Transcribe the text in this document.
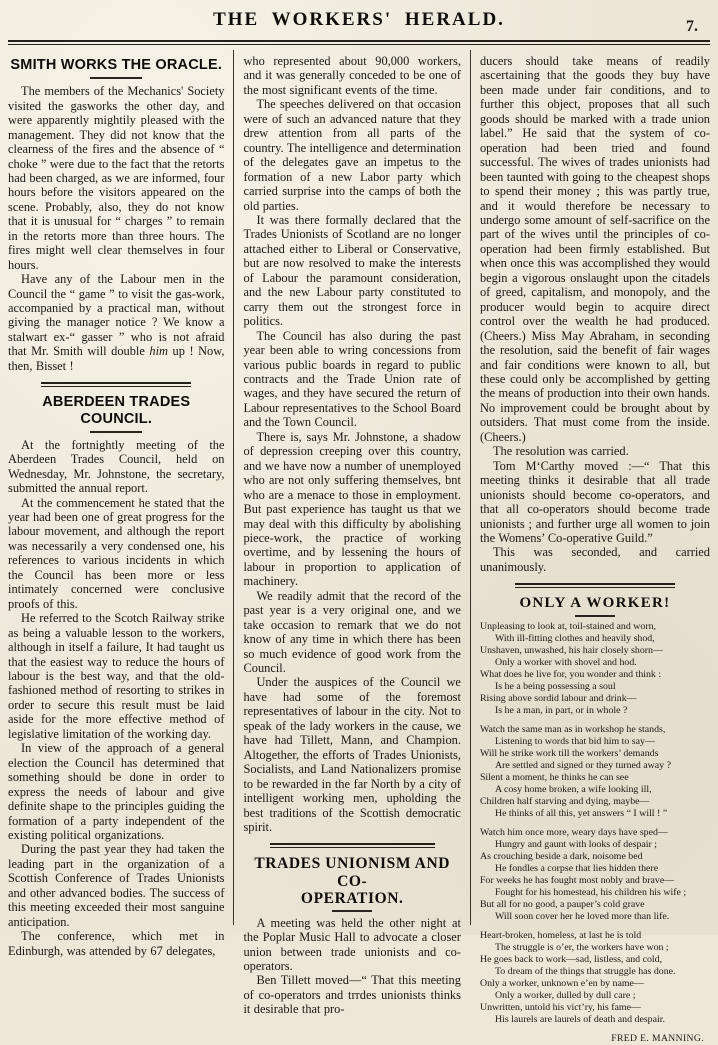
THE WORKERS' HERALD.	7.
SMITH WORKS THE ORACLE.

The members of the Mechanics' Society visited the gasworks the other day, and were apparently mightily pleased with the management. They did not know that the clearness of the fires and the absence of “ choke ” were due to the fact that the retorts had been charged, as we are informed, four hours before the visitors appeared on the scene. Probably, also, they do not know that it is unusual for “ charges ” to remain in the retorts more than three hours. The fires might well clear themselves in four hours.

Have any of the Labour men in the Council the “ game ” to visit the gas-work, accompanied by a practical man, without giving the manager notice ? We know a stalwart ex-“ gasser ” who is not afraid that Mr. Smith will double him up ! Now, then, Bisset !

ABERDEEN TRADES COUNCIL.

At the fortnightly meeting of the Aberdeen Trades Council, held on Wednesday, Mr. Johnstone, the secretary, submitted the annual report.

At the commencement he stated that the year had been one of great progress for the labour movement, and although the report was necessarily a very condensed one, his references to various incidents in which the Council has been more or less intimately concerned were conclusive proofs of this.

He referred to the Scotch Railway strike as being a valuable lesson to the workers, although in itself a failure, It had taught us that the easiest way to reduce the hours of labour is the best way, and that the old-fashioned method of resorting to strikes in order to secure this result must be laid aside for the more effective method of legislative limitation of the working day.

In view of the approach of a general election the Council has determined that something should be done in order to express the needs of labour and give definite shape to the principles guiding the formation of a party independent of the existing political organizations.

During the past year they had taken the leading part in the organization of a Scottish Conference of Trades Unionists and other advanced bodies. The success of this meeting exceeded their most sanguine anticipation.

The conference, which met in Edinburgh, was attended by 67 delegates,

who represented about 90,000 workers, and it was generally conceded to be one of the most significant events of the time.

The speeches delivered on that occasion were of such an advanced nature that they drew attention from all parts of the country. The intelligence and determination of the delegates gave an impetus to the formation of a new Labor party which carried surprise into the camps of both the old parties.

It was there formally declared that the Trades Unionists of Scotland are no longer attached either to Liberal or Conservative, but are now resolved to make the interests of Labour the paramount consideration, and the new Labour party constituted to carry them out the strongest force in politics.

The Council has also during the past year been able to wring concessions from various public boards in regard to public contracts and the Trade Union rate of wages, and they have secured the return of Labour representatives to the School Board and the Town Council.

There is, says Mr. Johnstone, a shadow of depression creeping over this country, and we have now a number of unemployed who are not only suffering themselves, bnt who are a menace to those in employment. But past experience has taught us that we may deal with this difficulty by abolishing piece-work, the practice of working overtime, and by lessening the hours of labour in proportion to application of machinery.

We readily admit that the record of the past year is a very original one, and we take occasion to remark that we do not know of any time in which there has been so much evidence of good work from the Council.

Under the auspices of the Council we have had some of the foremost representatives of labour in the city. Not to speak of the lady workers in the cause, we have had Tillett, Mann, and Champion. Altogether, the efforts of Trades Unionists, Socialists, and Land Nationalizers promise to be rewarded in the far North by a city of intelligent working men, upholding the best traditions of the Scottish democratic spirit.

TRADES UNIONISM AND CO-
OPERATION.

A meeting was held the other night at the Poplar Music Hall to advocate a closer union between trade unionists and co-operators.

Ben Tillett moved—“ That this meeting of co-operators and trrdes unionists thinks it desirable that pro-

ducers should take means of readily ascertaining that the goods they buy have been made under fair conditions, and to further this object, proposes that all such goods should be marked with a trade union label.” He said that the system of co-operation had been tried and found successful. The wives of trades unionists had been taunted with going to the cheapest shops to spend their money ; this was partly true, and it would therefore be necessary to undergo some amount of self-sacrifice on the part of the wives until the principles of co-operation had been firmly established. But when once this was accomplished they would begin a vigorous onslaught upon the citadels of greed, capitalism, and monopoly, and the producer would begin to acquire direct control over the wealth he had produced. (Cheers.) Miss May Abraham, in seconding the resolution, said the benefit of fair wages and fair conditions were known to all, but these could only be accomplished by getting the means of production into their own hands. No improvement could be brought about by outsiders. That must come from the inside. (Cheers.)

The resolution was carried.

Tom M‘Carthy moved :—“ That this meeting thinks it desirable that all trade unionists should become co-operators, and that all co-operators should become trade unionists ; and further urge all women to join the Womens’ Co-operative Guild.”

This was seconded, and carried unanimously.

ONLY A WORKER!
Unpleasing to look at, toil-stained and worn,
With ill-fitting clothes and heavily shod,
Unshaven, unwashed, his hair closely shorn—
Only a worker with shovel and hod.
What does he live for, you wonder and think :
Is he a being possessing a soul
Rising above sordid labour and drink—
Is he a man, in part, or in whole ?
Watch the same man as in workshop he stands,
Listening to words that bid him to say—
Will he strike work till the workers’ demands
Are settled and signed or they turned away ?
Silent a moment, he thinks he can see
A cosy home broken, a wife looking ill,
Children half starving and dying, maybe—
He thinks of all this, yet answers “ I will ! ”
Watch him once more, weary days have sped—
Hungry and gaunt with looks of despair ;
As crouching beside a dark, noisome bed
He fondles a corpse that lies hidden there
For weeks he has fought most nobly and brave—
Fought for his homestead, his children his wife ;
But all for no good, a pauper’s cold grave
Will soon cover her he loved more than life.
Heart-broken, homeless, at last he is told
The struggle is o’er, the workers have won ;
He goes back to work—sad, listless, and cold,
To dream of the things that struggle has done.
Only a worker, unknown e’en by name—
Only a worker, dulled by dull care ;
Unwritten, untold his vict’ry, his fame—
His laurels are laurels of death and despair.
FRED E. MANNING.
